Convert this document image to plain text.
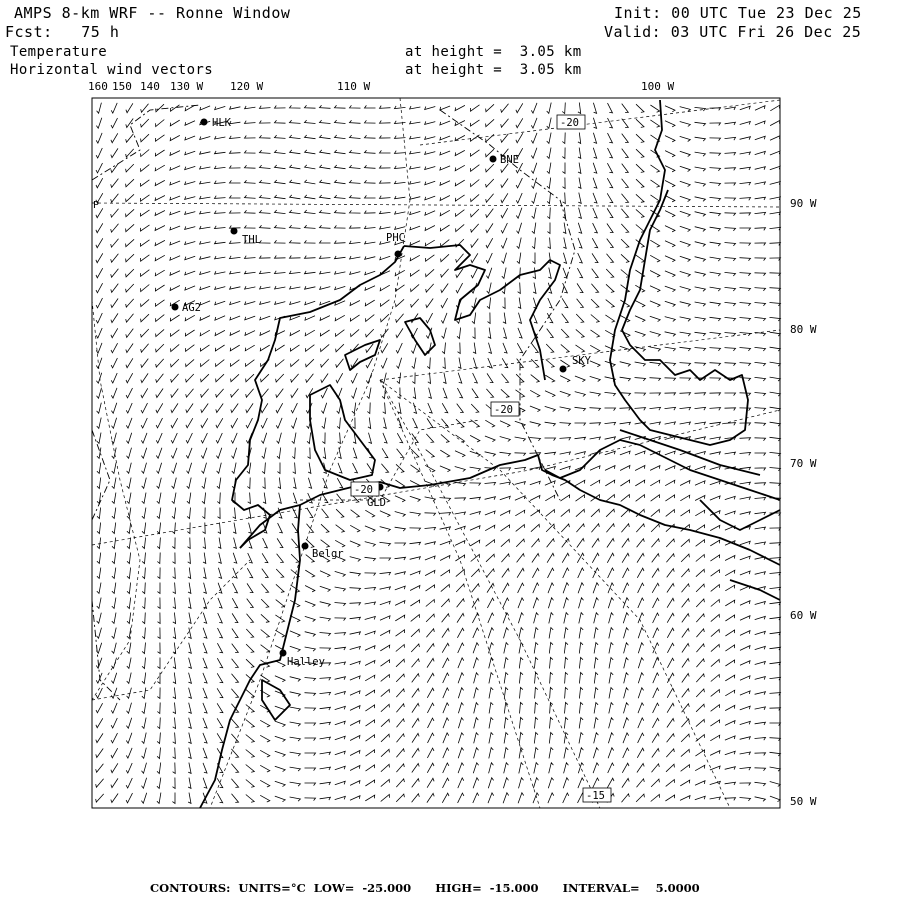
AMPS 8-km WRF -- Ronne Window	Init: 00 UTC Tue 23 Dec 25
Fcst:   75 h	Valid: 03 UTC Fri 26 Dec 25
Temperature	at height =  3.05 km
Horizontal wind vectors	at height =  3.05 km
HLK
BNE
THL	PHC
AG2
SKY
GLD
Belgr
Halley
-20
-20
-20
-15
160 150 140 130 W 120 W	110 W	100 W
90 W
80 W
70 W
60 W
50 W
P
CONTOURS:  UNITS=°C  LOW=  -25.000      HIGH=  -15.000      INTERVAL=    5.0000
